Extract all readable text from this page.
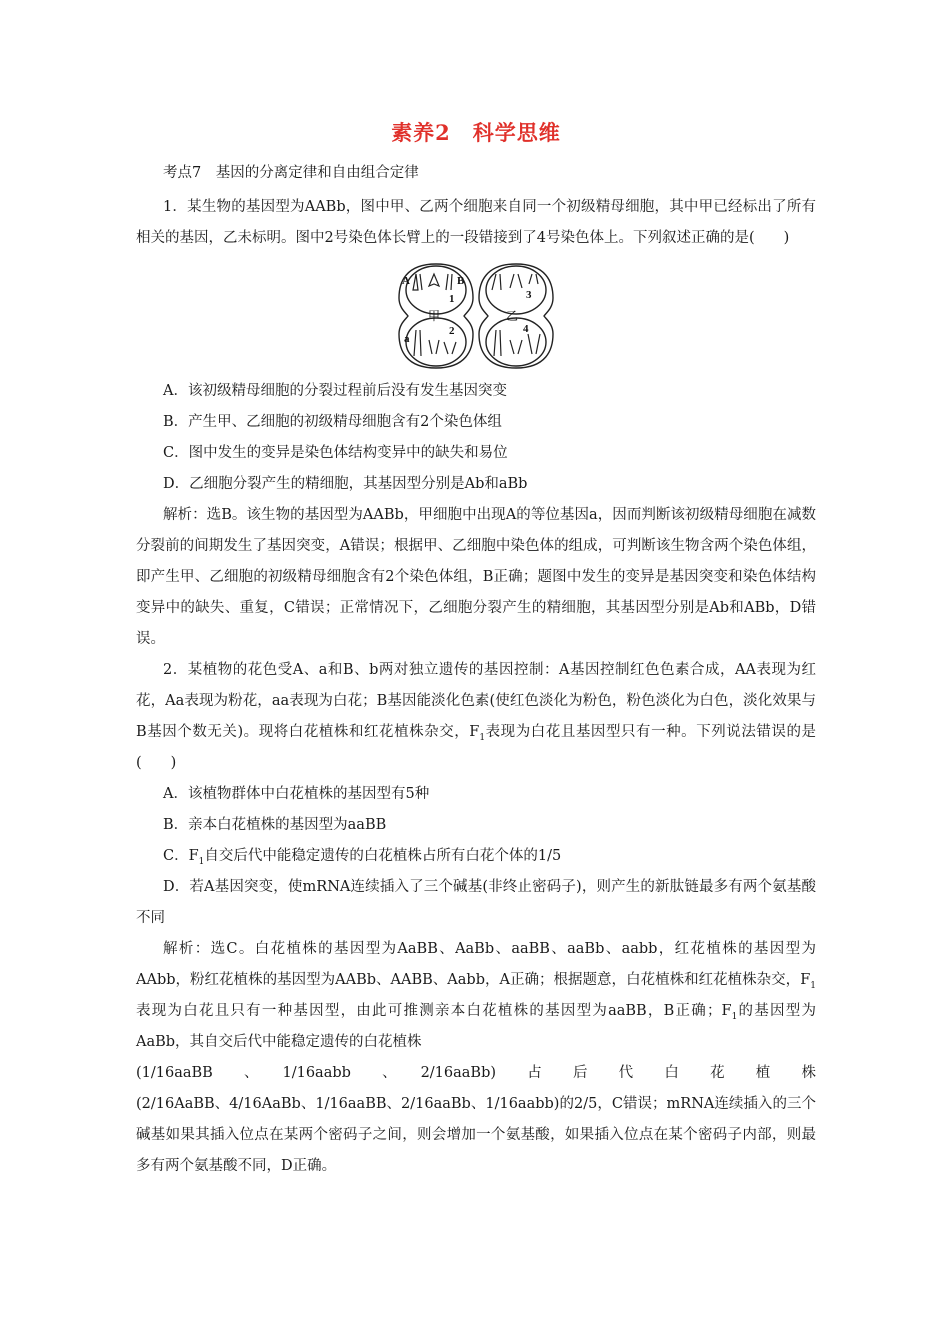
素养2　科学思维
考点7　基因的分离定律和自由组合定律

1．某生物的基因型为AABb，图中甲、乙两个细胞来自同一个初级精母细胞，其中甲已经标出了所有相关的基因，乙未标明。图中2号染色体长臂上的一段错接到了4号染色体上。下列叙述正确的是(　　)

A	B
1
2
a
3
4
甲	乙

A．该初级精母细胞的分裂过程前后没有发生基因突变

B．产生甲、乙细胞的初级精母细胞含有2个染色体组

C．图中发生的变异是染色体结构变异中的缺失和易位

D．乙细胞分裂产生的精细胞，其基因型分别是Ab和aBb

解析：选B。该生物的基因型为AABb，甲细胞中出现A的等位基因a，因而判断该初级精母细胞在减数分裂前的间期发生了基因突变，A错误；根据甲、乙细胞中染色体的组成，可判断该生物含两个染色体组，即产生甲、乙细胞的初级精母细胞含有2个染色体组，B正确；题图中发生的变异是基因突变和染色体结构变异中的缺失、重复，C错误；正常情况下，乙细胞分裂产生的精细胞，其基因型分别是Ab和ABb，D错误。

2．某植物的花色受A、a和B、b两对独立遗传的基因控制：A基因控制红色色素合成，AA表现为红花，Aa表现为粉花，aa表现为白花；B基因能淡化色素(使红色淡化为粉色，粉色淡化为白色，淡化效果与B基因个数无关)。现将白花植株和红花植株杂交，$F_1$表现为白花且基因型只有一种。下列说法错误的是(　　)

A．该植物群体中白花植株的基因型有5种

B．亲本白花植株的基因型为aaBB

C．$F_1$自交后代中能稳定遗传的白花植株占所有白花个体的1/5

D．若A基因突变，使mRNA连续插入了三个碱基(非终止密码子)，则产生的新肽链最多有两个氨基酸不同

解析：选C。白花植株的基因型为AaBB、AaBb、aaBB、aaBb、aabb，红花植株的基因型为AAbb，粉红花植株的基因型为AABb、AABB、Aabb，A正确；根据题意，白花植株和红花植株杂交，$F_1$表现为白花且只有一种基因型，由此可推测亲本白花植株的基因型为aaBB，B正确；$F_1$的基因型为AaBb，其自交后代中能稳定遗传的白花植株

(1/16aaBB　、　1/16aabb　、　2/16aaBb)　占　后　代　白　花　植　株

(2/16AaBB、4/16AaBb、1/16aaBB、2/16aaBb、1/16aabb)的2/5，C错误；mRNA连续插入的三个碱基如果其插入位点在某两个密码子之间，则会增加一个氨基酸，如果插入位点在某个密码子内部，则最多有两个氨基酸不同，D正确。
